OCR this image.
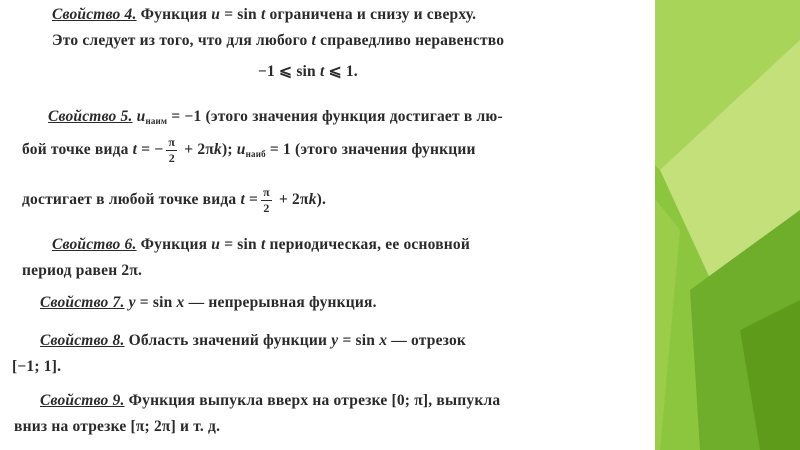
Свойство 4. Функция u = sin t ограничена и снизу и сверху.
Это следует из того, что для любого t справедливо неравенство
−1 ⩽ sin t ⩽ 1.
Свойство 5. $u_{наим} = -1$ (этого значения функция достигает в лю-
бой точке вида t = − $\frac{\pi}{2} + 2\pi k$); $u_{наиб} = 1$ (этого значения функции
достигает в любой точке вида $t = \frac{\pi}{2} + 2\pi k$).
Свойство 6. Функция u = sin t периодическая, ее основной
период равен 2π.
Свойство 7. y = sin x — непрерывная функция.
Свойство 8. Область значений функции y = sin x — отрезок
[−1; 1].
Свойство 9. Функция выпукла вверх на отрезке [0; π], выпукла
вниз на отрезке [π; 2π] и т. д.
